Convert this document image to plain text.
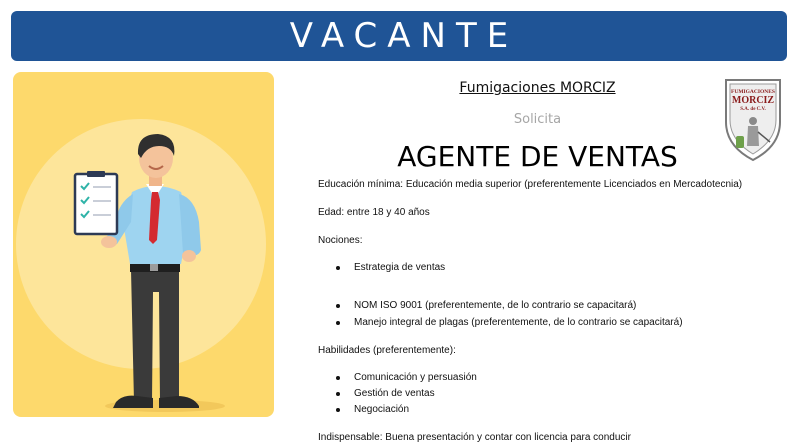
VACANTE
Fumigaciones MORCIZ
Solicita
AGENTE DE VENTAS
FUMIGACIONES
MORCIZ
S.A. de C.V.

Educación mínima: Educación media superior (preferentemente Licenciados en Mercadotecnia)

Edad: entre 18 y 40 años

Nociones:

Estrategia de ventas
NOM ISO 9001 (preferentemente, de lo contrario se capacitará)
Manejo integral de plagas (preferentemente, de lo contrario se capacitará)

Habilidades (preferentemente):

Comunicación y persuasión
Gestión de ventas
Negociación

Indispensable: Buena presentación y contar con licencia para conducir
